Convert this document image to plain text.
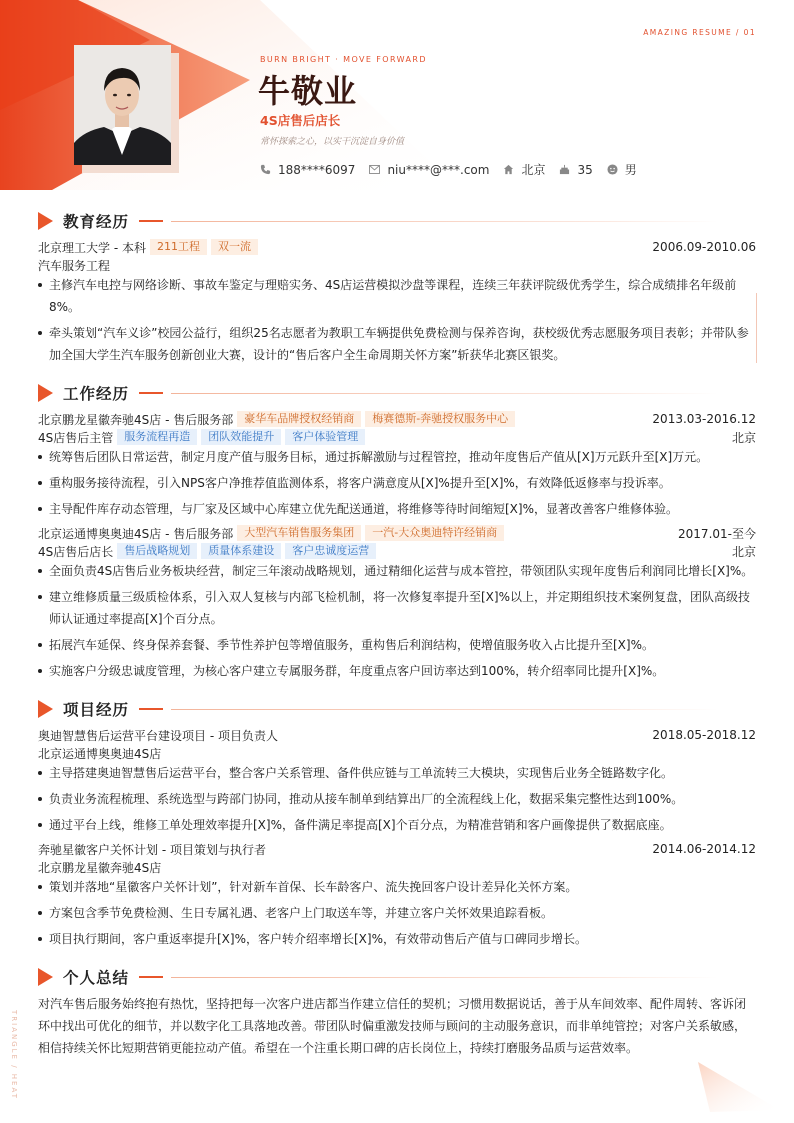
AMAZING RESUME / 01
BURN BRIGHT · MOVE FORWARD
牛敬业
4S店售后店长
常怀探索之心，以实干沉淀自身价值
188****6097	niu****@***.com	北京	35	男
教育经历
北京理工大学 - 本科	211工程	双一流	2006.09-2010.06
汽车服务工程
主修汽车电控与网络诊断、事故车鉴定与理赔实务、4S店运营模拟沙盘等课程，连续三年获评院级优秀学生，综合成绩排名年级前8%。
牵头策划“汽车义诊”校园公益行，组织25名志愿者为教职工车辆提供免费检测与保养咨询，获校级优秀志愿服务项目表彰；并带队参加全国大学生汽车服务创新创业大赛，设计的“售后客户全生命周期关怀方案”斩获华北赛区银奖。
工作经历
北京鹏龙星徽奔驰4S店 - 售后服务部	豪华车品牌授权经销商	梅赛德斯-奔驰授权服务中心	2013.03-2016.12
4S店售后主管	服务流程再造	团队效能提升	客户体验管理	北京
统筹售后团队日常运营，制定月度产值与服务目标，通过拆解激励与过程管控，推动年度售后产值从[X]万元跃升至[X]万元。
重构服务接待流程，引入NPS客户净推荐值监测体系，将客户满意度从[X]%提升至[X]%，有效降低返修率与投诉率。
主导配件库存动态管理，与厂家及区域中心库建立优先配送通道，将维修等待时间缩短[X]%，显著改善客户维修体验。
北京运通博奥奥迪4S店 - 售后服务部	大型汽车销售服务集团	一汽-大众奥迪特许经销商	2017.01-至今
4S店售后店长	售后战略规划	质量体系建设	客户忠诚度运营	北京
全面负责4S店售后业务板块经营，制定三年滚动战略规划，通过精细化运营与成本管控，带领团队实现年度售后利润同比增长[X]%。
建立维修质量三级质检体系，引入双人复核与内部飞检机制，将一次修复率提升至[X]%以上，并定期组织技术案例复盘，团队高级技师认证通过率提高[X]个百分点。
拓展汽车延保、终身保养套餐、季节性养护包等增值服务，重构售后利润结构，使增值服务收入占比提升至[X]%。
实施客户分级忠诚度管理，为核心客户建立专属服务群，年度重点客户回访率达到100%，转介绍率同比提升[X]%。
项目经历
奥迪智慧售后运营平台建设项目 - 项目负责人	2018.05-2018.12
北京运通博奥奥迪4S店
主导搭建奥迪智慧售后运营平台，整合客户关系管理、备件供应链与工单流转三大模块，实现售后业务全链路数字化。
负责业务流程梳理、系统选型与跨部门协同，推动从接车制单到结算出厂的全流程线上化，数据采集完整性达到100%。
通过平台上线，维修工单处理效率提升[X]%，备件满足率提高[X]个百分点，为精准营销和客户画像提供了数据底座。
奔驰星徽客户关怀计划 - 项目策划与执行者	2014.06-2014.12
北京鹏龙星徽奔驰4S店
策划并落地“星徽客户关怀计划”，针对新车首保、长车龄客户、流失挽回客户设计差异化关怀方案。
方案包含季节免费检测、生日专属礼遇、老客户上门取送车等，并建立客户关怀效果追踪看板。
项目执行期间，客户重返率提升[X]%，客户转介绍率增长[X]%，有效带动售后产值与口碑同步增长。
个人总结
对汽车售后服务始终抱有热忱，坚持把每一次客户进店都当作建立信任的契机；习惯用数据说话，善于从车间效率、配件周转、客诉闭环中找出可优化的细节，并以数字化工具落地改善。带团队时偏重激发技师与顾问的主动服务意识，而非单纯管控；对客户关系敏感，相信持续关怀比短期营销更能拉动产值。希望在一个注重长期口碑的店长岗位上，持续打磨服务品质与运营效率。
TRIANGLE / HEAT
